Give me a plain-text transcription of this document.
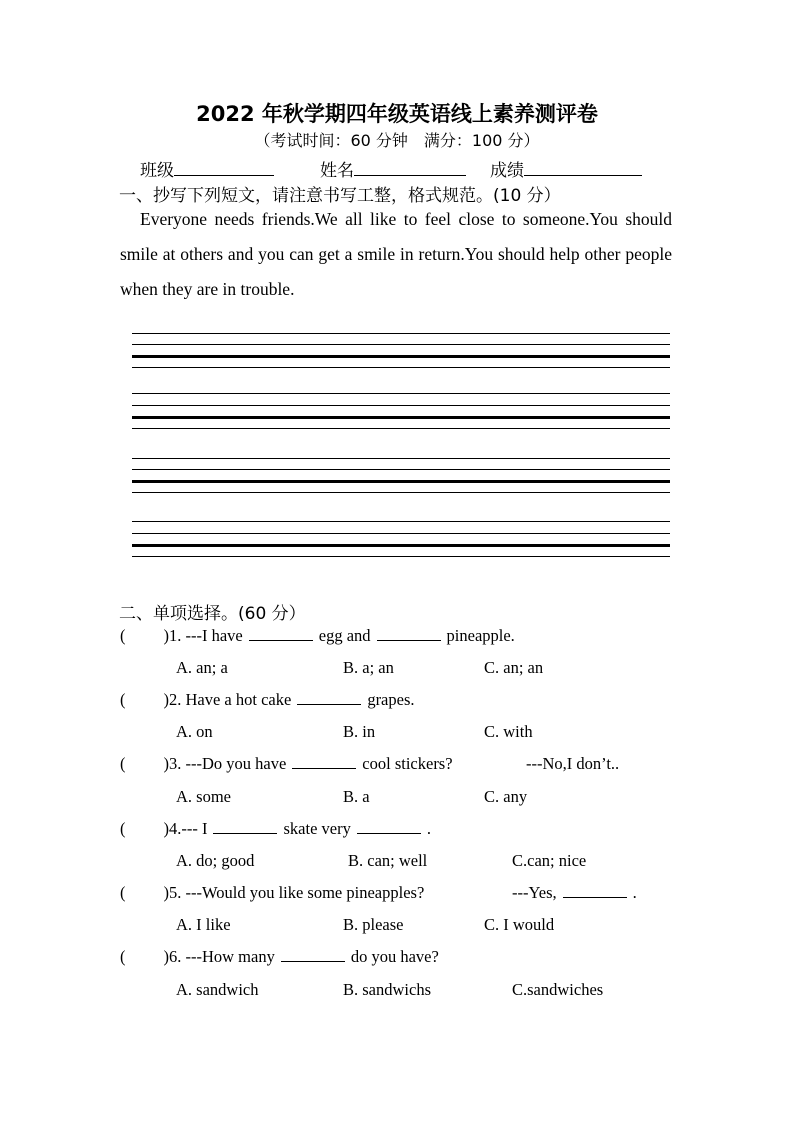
2022 年秋学期四年级英语线上素养测评卷
（考试时间：60 分钟　满分：100 分）
班级	姓名	成绩
一、抄写下列短文，请注意书写工整，格式规范。(10 分）
Everyone needs friends.We all like to feel close to someone.You should smile at others and you can get a smile in return.You should help other people when they are in trouble.
二、单项选择。(60 分）
( )1. ---I have	egg and	pineapple.
A. an; a	B. a; an	C. an; an
( )2. Have a hot cake	grapes.
A. on	B. in	C. with
( )3. ---Do you have	cool stickers?	---No,I don’t..
A. some	B. a	C. any
( )4.--- I	skate very	.
A. do; good	B. can; well	C.can; nice
( )5. ---Would you like some pineapples?	---Yes,	.
A. I like	B. please	C. I would
( )6. ---How many	do you have?
A. sandwich	B. sandwichs	C.sandwiches
